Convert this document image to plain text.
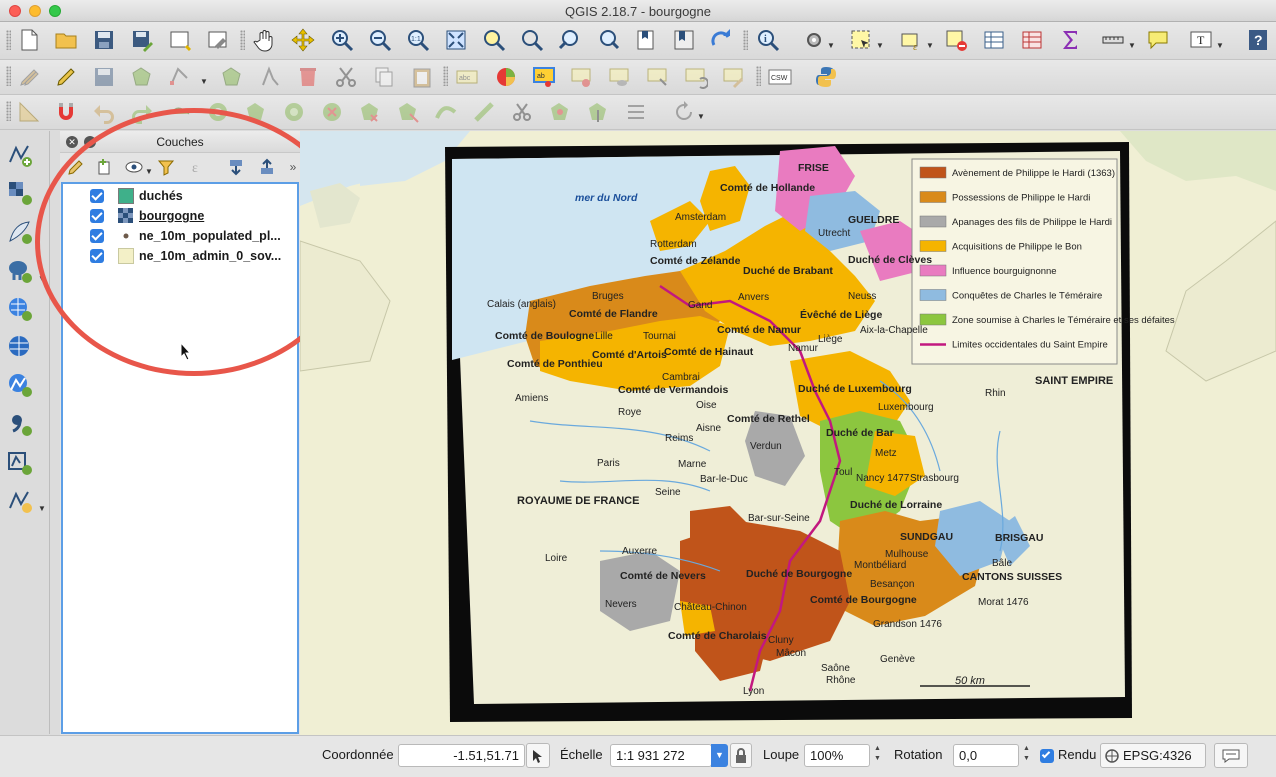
QGIS 2.18.7 - bourgogne
1:1	i
▼	▼	ε ▼	▼	T ▼ ?
▼	abc	ab	CSW
▼
▼
▼
✕	Couches
▼	ε	»
duchés
bourgogne
ne_10m_populated_pl...
ne_10m_admin_0_sov...
50 km
Avènement de Philippe le Hardi (1363)
Possessions de Philippe le Hardi
Apanages des fils de Philippe le Hardi
Acquisitions de Philippe le Bon
Influence bourguignonne
Conquêtes de Charles le Téméraire
Zone soumise à Charles le Téméraire et ses défaites
Limites occidentales du Saint Empire
SAINT EMPIRE
ROYAUME DE FRANCE
mer du Nord
FRISE
GUELDRE
Comté de Hollande
Amsterdam
Utrecht
Rotterdam
Comté de Zélande
Duché de Brabant
Duché de Clèves
Bruges
Gand
Anvers	Neuss
Calais (anglais)
Comté de Flandre
Lille	Tournai
Comté de Namur
Évêché de Liège
Aix-la-Chapelle
Liège
Comté de Boulogne
Comté d'Artois
Comté de Hainaut	Namur
Comté de Ponthieu
Cambrai
Amiens
Comté de Vermandois	Duché de Luxembourg
Roye
Oise	Luxembourg
Rhin
Comté de Rethel
Aisne
Reims
Verdun
Duché de Bar
Metz
Paris	Marne
Bar-le-Duc
Toul
Nancy 1477 Strasbourg
Seine
Duché de Lorraine
Bar-sur-Seine
SUNDGAU	BRISGAU
Auxerre	Mulhouse
Loire
Montbéliard	Bâle
Duché de Bourgogne
Comté de Nevers
Besançon
CANTONS SUISSES
Nevers	Château-Chinon
Comté de Bourgogne	Morat 1476
Grandson 1476
Comté de Charolais Cluny
Mâcon
Genève
Saône
Rhône
Lyon
Coordonnée	-1.51,51.71	Échelle	1:1 931 272	▼	Loupe 100%	▲
▼ Rotation	0,0	▲
▼ Rendu EPSG:4326
